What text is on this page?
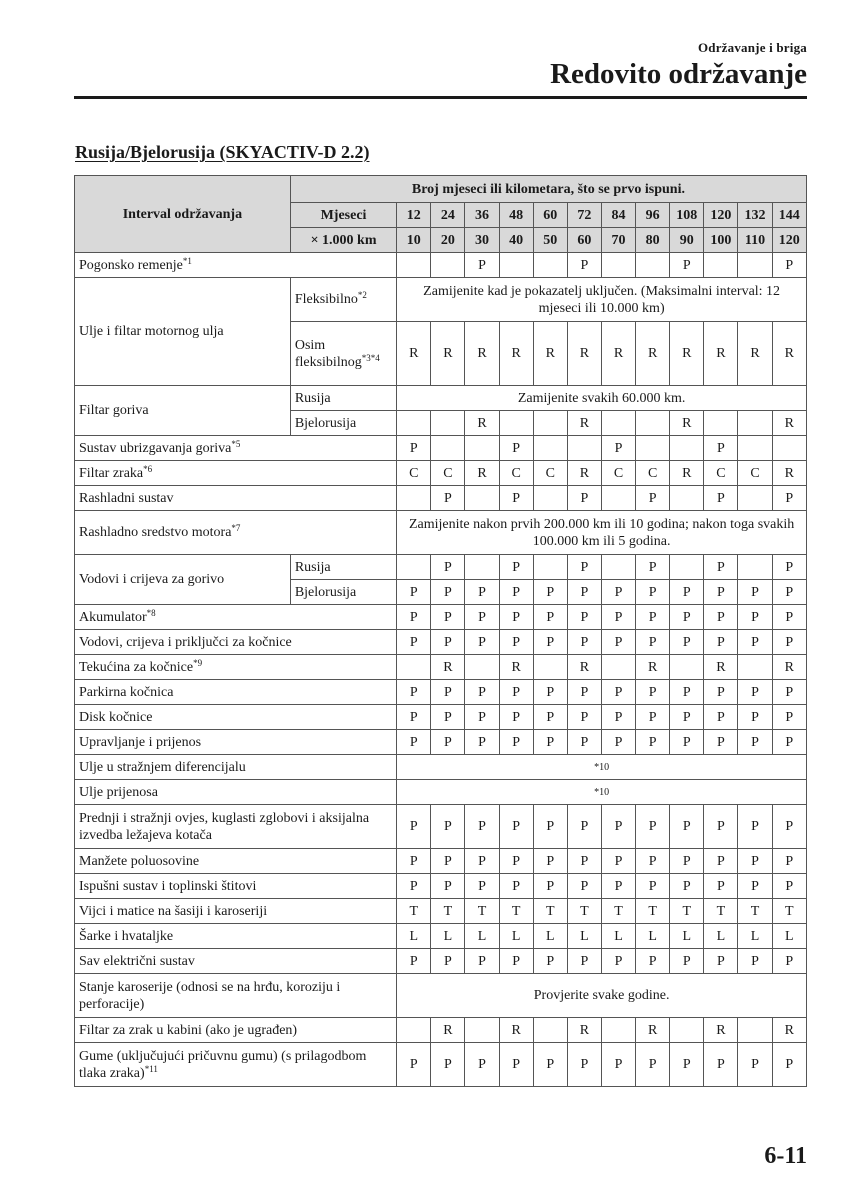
Održavanje i briga
Redovito održavanje
Rusija/Bjelorusija (SKYACTIV-D 2.2)
Interval održavanja	Broj mjeseci ili kilometara, što se prvo ispuni.												
	Mjeseci	12	24	36	48	60	72	84	96	108	120	132	144
	× 1.000 km	10	20	30	40	50	60	70	80	90	100	110	120
Pogonsko remenje$^{*1}$				P			P			P			P
Ulje i filtar motornog ulja	Fleksibilno$^{*2}$	Zamijenite kad je pokazatelj uključen. (Maksimalni interval: 12 mjeseci ili 10.000 km)											
	Osim fleksibilnog$^{*3*4}$	R	R	R	R	R	R	R	R	R	R	R	R
Filtar goriva	Rusija	Zamijenite svakih 60.000 km.											
	Bjelorusija			R			R			R			R
Sustav ubrizgavanja goriva$^{*5}$		P			P			P			P		
Filtar zraka$^{*6}$		C	C	R	C	C	R	C	C	R	C	C	R
Rashladni sustav			P		P		P		P		P		P
Rashladno sredstvo motora$^{*7}$		Zamijenite nakon prvih 200.000 km ili 10 godina; nakon toga svakih 100.000 km ili 5 godina.											
Vodovi i crijeva za gorivo	Rusija		P		P		P		P		P		P
	Bjelorusija	P	P	P	P	P	P	P	P	P	P	P	P
Akumulator$^{*8}$		P	P	P	P	P	P	P	P	P	P	P	P
Vodovi, crijeva i priključci za kočnice		P	P	P	P	P	P	P	P	P	P	P	P
Tekućina za kočnice$^{*9}$			R		R		R		R		R		R
Parkirna kočnica		P	P	P	P	P	P	P	P	P	P	P	P
Disk kočnice		P	P	P	P	P	P	P	P	P	P	P	P
Upravljanje i prijenos		P	P	P	P	P	P	P	P	P	P	P	P
Ulje u stražnjem diferencijalu		*10											
Ulje prijenosa		*10											
Prednji i stražnji ovjes, kuglasti zglobovi i aksijalna izvedba ležajeva kotača		P	P	P	P	P	P	P	P	P	P	P	P
Manžete poluosovine		P	P	P	P	P	P	P	P	P	P	P	P
Ispušni sustav i toplinski štitovi		P	P	P	P	P	P	P	P	P	P	P	P
Vijci i matice na šasiji i karoseriji		T	T	T	T	T	T	T	T	T	T	T	T
Šarke i hvataljke		L	L	L	L	L	L	L	L	L	L	L	L
Sav električni sustav		P	P	P	P	P	P	P	P	P	P	P	P
Stanje karoserije (odnosi se na hrđu, koroziju i perforacije)		Provjerite svake godine.											
Filtar za zrak u kabini (ako je ugrađen)			R		R		R		R		R		R
Gume (uključujući pričuvnu gumu) (s prilagodbom tlaka zraka)$^{*11}$		P	P	P	P	P	P	P	P	P	P	P	P
6-11
